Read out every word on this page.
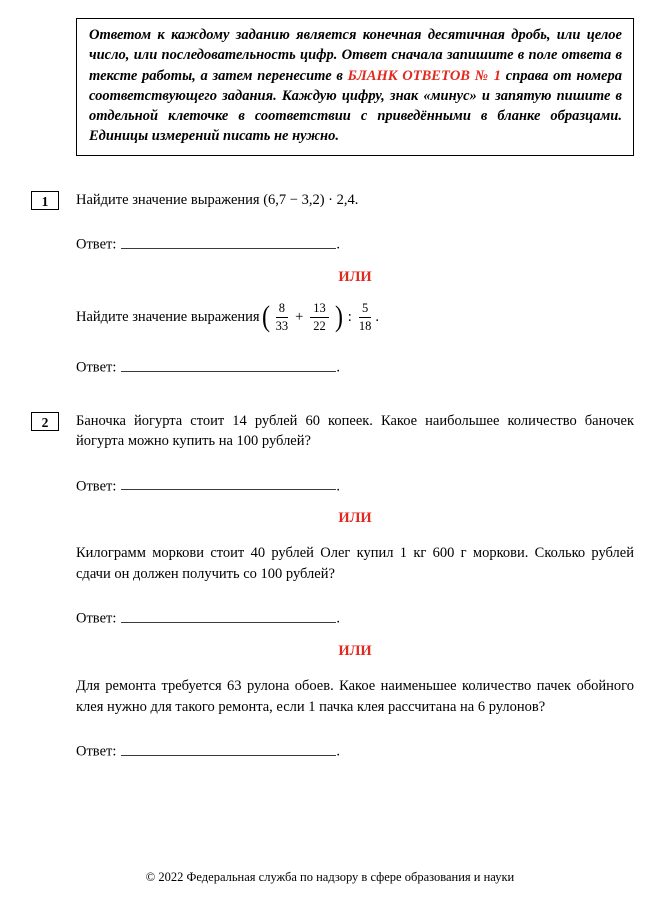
Ответом к каждому заданию является конечная десятичная дробь, или целое число, или последовательность цифр. Ответ сначала запишите в поле ответа в тексте работы, а затем перенесите в БЛАНК ОТВЕТОВ № 1 справа от номера соответствующего задания. Каждую цифру, знак «минус» и запятую пишите в отдельной клеточке в соответствии с приведёнными в бланке образцами. Единицы измерений писать не нужно.

1	Найдите значение выражения (6,7 − 3,2) · 2,4.

Ответ:	.
ИЛИ

Найдите значение выражения ( $\frac{8}{33} + \frac{13}{22}$ ) : $\frac{5}{18}$ .

Ответ:	.
2	Баночка йогурта стоит 14 рублей 60 копеек. Какое наибольшее количество баночек йогурта можно купить на 100 рублей?

Ответ:	.
ИЛИ

Килограмм моркови стоит 40 рублей Олег купил 1 кг 600 г моркови. Сколько рублей сдачи он должен получить со 100 рублей?

Ответ:	.
ИЛИ

Для ремонта требуется 63 рулона обоев. Какое наименьшее количество пачек обойного клея нужно для такого ремонта, если 1 пачка клея рассчитана на 6 рулонов?

Ответ:	.
© 2022 Федеральная служба по надзору в сфере образования и науки
